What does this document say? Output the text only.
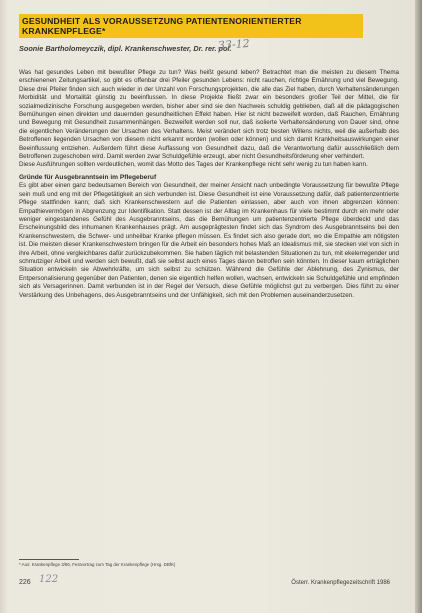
GESUNDHEIT ALS VORAUSSETZUNG PATIENTENORIENTIERTER
KRANKENPFLEGE*
Soonie Bartholomeyczik, dipl. Krankenschwester, Dr. rer. pol.

Was hat gesundes Leben mit bewußter Pflege zu tun? Was heißt gesund leben? Betrachtet man die meisten zu diesem Thema erschienenen Zeitungsartikel, so gibt es offenbar drei Pfeiler gesunden Lebens: nicht rauchen, richtige Ernährung und viel Bewegung. Diese drei Pfeiler finden sich auch wieder in der Unzahl von Forschungsprojekten, die alle das Ziel haben, durch Verhaltensänderungen Morbidität und Mortalität günstig zu beeinflussen. In diese Projekte fließt zwar ein besonders großer Teil der Mittel, die für sozialmedizinische Forschung ausgegeben werden, bisher aber sind sie den Nachweis schuldig geblieben, daß all die pädagogischen Bemühungen einen direkten und dauernden gesundheitlichen Effekt haben. Hier ist nicht bezweifelt worden, daß Rauchen, Ernährung und Bewegung mit Gesundheit zusammenhängen. Bezweifelt werden soll nur, daß isolierte Verhaltensänderung von Dauer sind, ohne die eigentlichen Veränderungen der Ursachen des Verhaltens. Meist verändert sich trotz besten Willens nichts, weil die außerhalb des Betroffenen liegenden Ursachen von diesem nicht erkannt worden (wollen oder können) und sich damit Krankheitsauswirkungen einer Beeinflussung entziehen. Außerdem führt diese Auffassung von Gesundheit dazu, daß die Verantwortung dafür ausschließlich dem Betroffenen zugeschoben wird. Damit werden zwar Schuldgefühle erzeugt, aber nicht Gesundheitsförderung eher verhindert.

Diese Ausführungen sollten verdeutlichen, womit das Motto des Tages der Krankenpflege nicht sehr wenig zu tun haben kann.

Gründe für Ausgebranntsein im Pflegeberuf

Es gibt aber einen ganz bedeutsamen Bereich von Gesundheit, der meiner Ansicht nach unbedingte Voraussetzung für bewußte Pflege sein muß und eng mit der Pflegetätigkeit an sich verbunden ist. Diese Gesundheit ist eine Voraussetzung dafür, daß patientenzentrierte Pflege stattfinden kann; daß sich Krankenschwestern auf die Patienten einlassen, aber auch von ihnen abgrenzen können: Empathievermögen in Abgrenzung zur Identifikation. Statt dessen ist der Alltag im Krankenhaus für viele bestimmt durch ein mehr oder weniger eingestandenes Gefühl des Ausgebranntseins, das die Bemühungen um patientenzentrierte Pflege überdeckt und das Erscheinungsbild des inhumanen Krankenhauses prägt. Am ausgeprägtesten findet sich das Syndrom des Ausgebranntseins bei den Krankenschwestern, die Schwer- und unheilbar Kranke pflegen müssen. Es findet sich also gerade dort, wo die Empathie am nötigsten ist. Die meisten dieser Krankenschwestern bringen für die Arbeit ein besonders hohes Maß an Idealismus mit, sie stecken viel von sich in ihre Arbeit, ohne vergleichbares dafür zurückzubekommen. Sie haben täglich mit belastenden Situationen zu tun, mit ekelerregender und schmutziger Arbeit und werden sich bewußt, daß sie selbst auch eines Tages davon betroffen sein könnten. In dieser kaum erträglichen Situation entwickeln sie Abwehrkräfte, um sich selbst zu schützen. Während die Gefühle der Ablehnung, des Zynismus, der Entpersonalisierung gegenüber den Patienten, denen sie eigentlich helfen wollen, wachsen, entwickeln sie Schuldgefühle und empfinden sich als Versagerinnen. Damit verbunden ist in der Regel der Versuch, diese Gefühle möglichst gut zu verbergen. Dies führt zu einer Verstärkung des Unbehagens, des Ausgebranntseins und der Unfähigkeit, sich mit den Problemen auseinanderzusetzen.

33-12
* Aus: Krankenpflege 3/86, Festvortrag zum Tag der Krankenpflege (Hrsg. DBfK)
226 122	Österr. Krankenpflegezeitschrift 1986
